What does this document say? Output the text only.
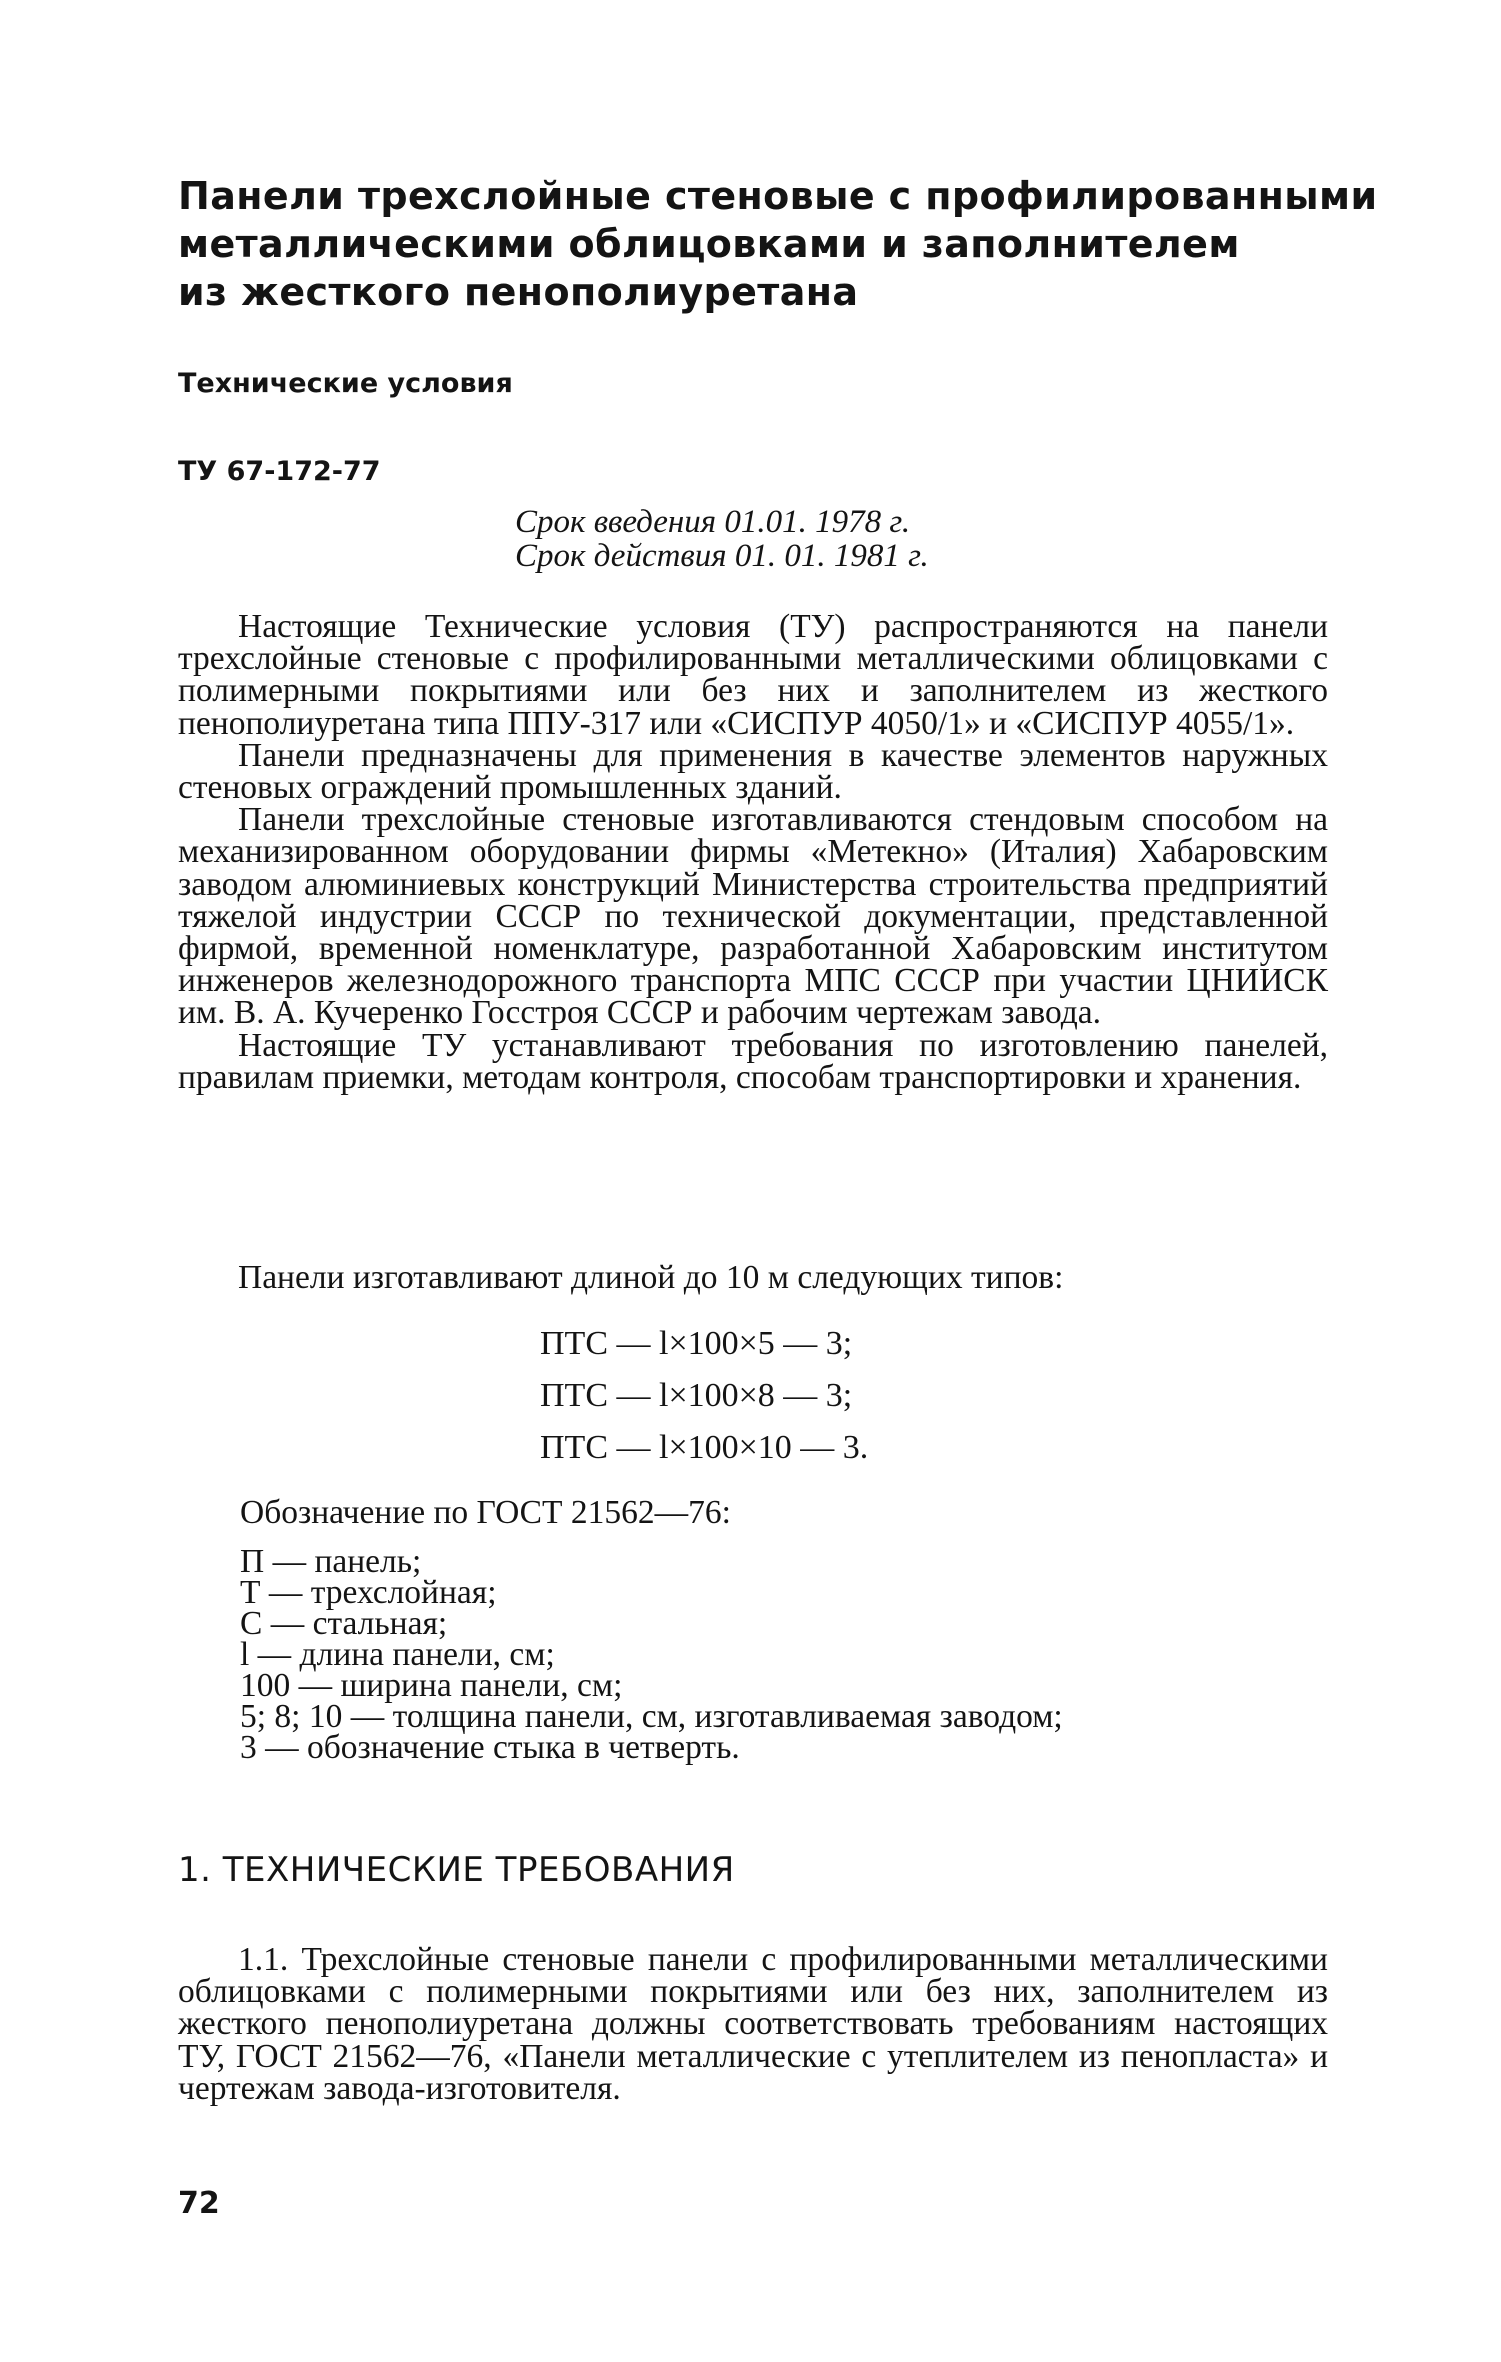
Панели трехслойные стеновые с профилированными
металлическими облицовками и заполнителем
из жесткого пенополиуретана
Технические условия
ТУ 67-172-77
Срок введения 01.01. 1978 г.
Срок действия 01. 01. 1981 г.

Настоящие Технические условия (ТУ) распространяются на панели трехслойные стеновые с профилированными металлическими облицовками с полимерными покрытиями или без них и заполнителем из жесткого пенополиуретана типа ППУ-317 или «СИСПУР 4050/1» и «СИСПУР 4055/1».

Панели предназначены для применения в качестве элементов наружных стеновых ограждений промышленных зданий.

Панели трехслойные стеновые изготавливаются стендовым способом на механизированном оборудовании фирмы «Метекно» (Италия) Хабаровским заводом алюминиевых конструкций Министерства строительства предприятий тяжелой индустрии СССР по технической документации, представленной фирмой, временной номенклатуре, разработанной Хабаровским институтом инженеров железнодорожного транспорта МПС СССР при участии ЦНИИСК им. В. А. Кучеренко Госстроя СССР и рабочим чертежам завода.

Настоящие ТУ устанавливают требования по изготовлению панелей, правилам приемки, методам контроля, способам транспортировки и хранения.

Панели изготавливают длиной до 10 м следующих типов:

ПТС — l×100×5 — 3;
ПТС — l×100×8 — 3;
ПТС — l×100×10 — 3.
Обозначение по ГОСТ 21562—76:
П — панель;
Т — трехслойная;
С — стальная;
l — длина панели, см;
100 — ширина панели, см;
5; 8; 10 — толщина панели, см, изготавливаемая заводом;
3 — обозначение стыка в четверть.
1. ТЕХНИЧЕСКИЕ ТРЕБОВАНИЯ

1.1. Трехслойные стеновые панели с профилированными металлическими облицовками с полимерными покрытиями или без них, заполнителем из жесткого пенополиуретана должны соответствовать требованиям настоящих ТУ, ГОСТ 21562—76, «Панели металлические с утеплителем из пенопласта» и чертежам завода-изготовителя.

72
